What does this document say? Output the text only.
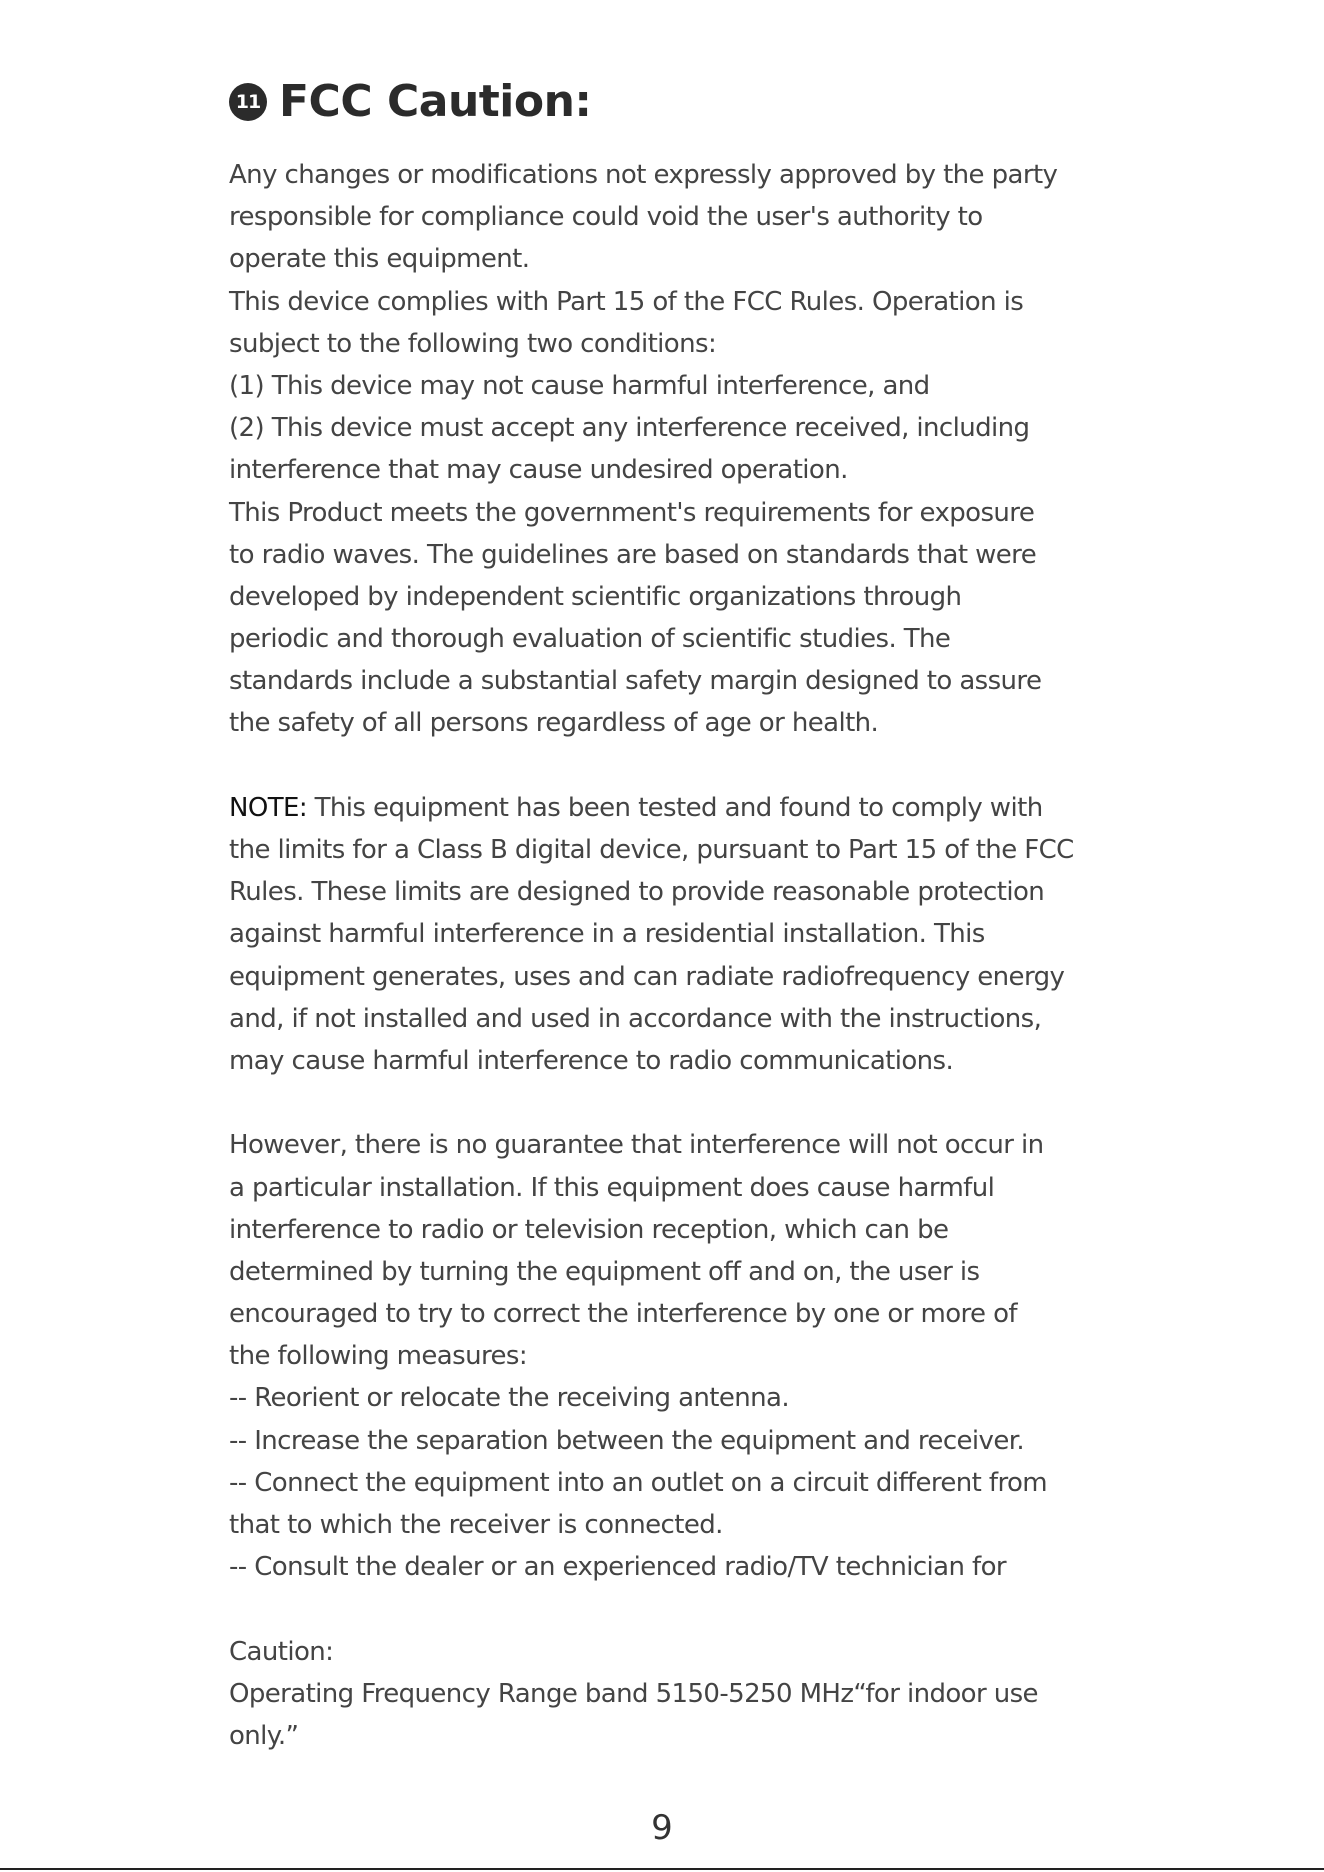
11 FCC Caution:
Any changes or modifications not expressly approved by the party
responsible for compliance could void the user's authority to
operate this equipment.
This device complies with Part 15 of the FCC Rules. Operation is
subject to the following two conditions:
(1) This device may not cause harmful interference, and
(2) This device must accept any interference received, including
interference that may cause undesired operation.
This Product meets the government's requirements for exposure
to radio waves. The guidelines are based on standards that were
developed by independent scientific organizations through
periodic and thorough evaluation of scientific studies. The
standards include a substantial safety margin designed to assure
the safety of all persons regardless of age or health.
NOTE: This equipment has been tested and found to comply with
the limits for a Class B digital device, pursuant to Part 15 of the FCC
Rules. These limits are designed to provide reasonable protection
against harmful interference in a residential installation. This
equipment generates, uses and can radiate radiofrequency energy
and, if not installed and used in accordance with the instructions,
may cause harmful interference to radio communications.
However, there is no guarantee that interference will not occur in
a particular installation. If this equipment does cause harmful
interference to radio or television reception, which can be
determined by turning the equipment off and on, the user is
encouraged to try to correct the interference by one or more of
the following measures:
-- Reorient or relocate the receiving antenna.
-- Increase the separation between the equipment and receiver.
-- Connect the equipment into an outlet on a circuit different from
that to which the receiver is connected.
-- Consult the dealer or an experienced radio/TV technician for
Caution:
Operating Frequency Range band 5150-5250 MHz“for indoor use
only.”
9
